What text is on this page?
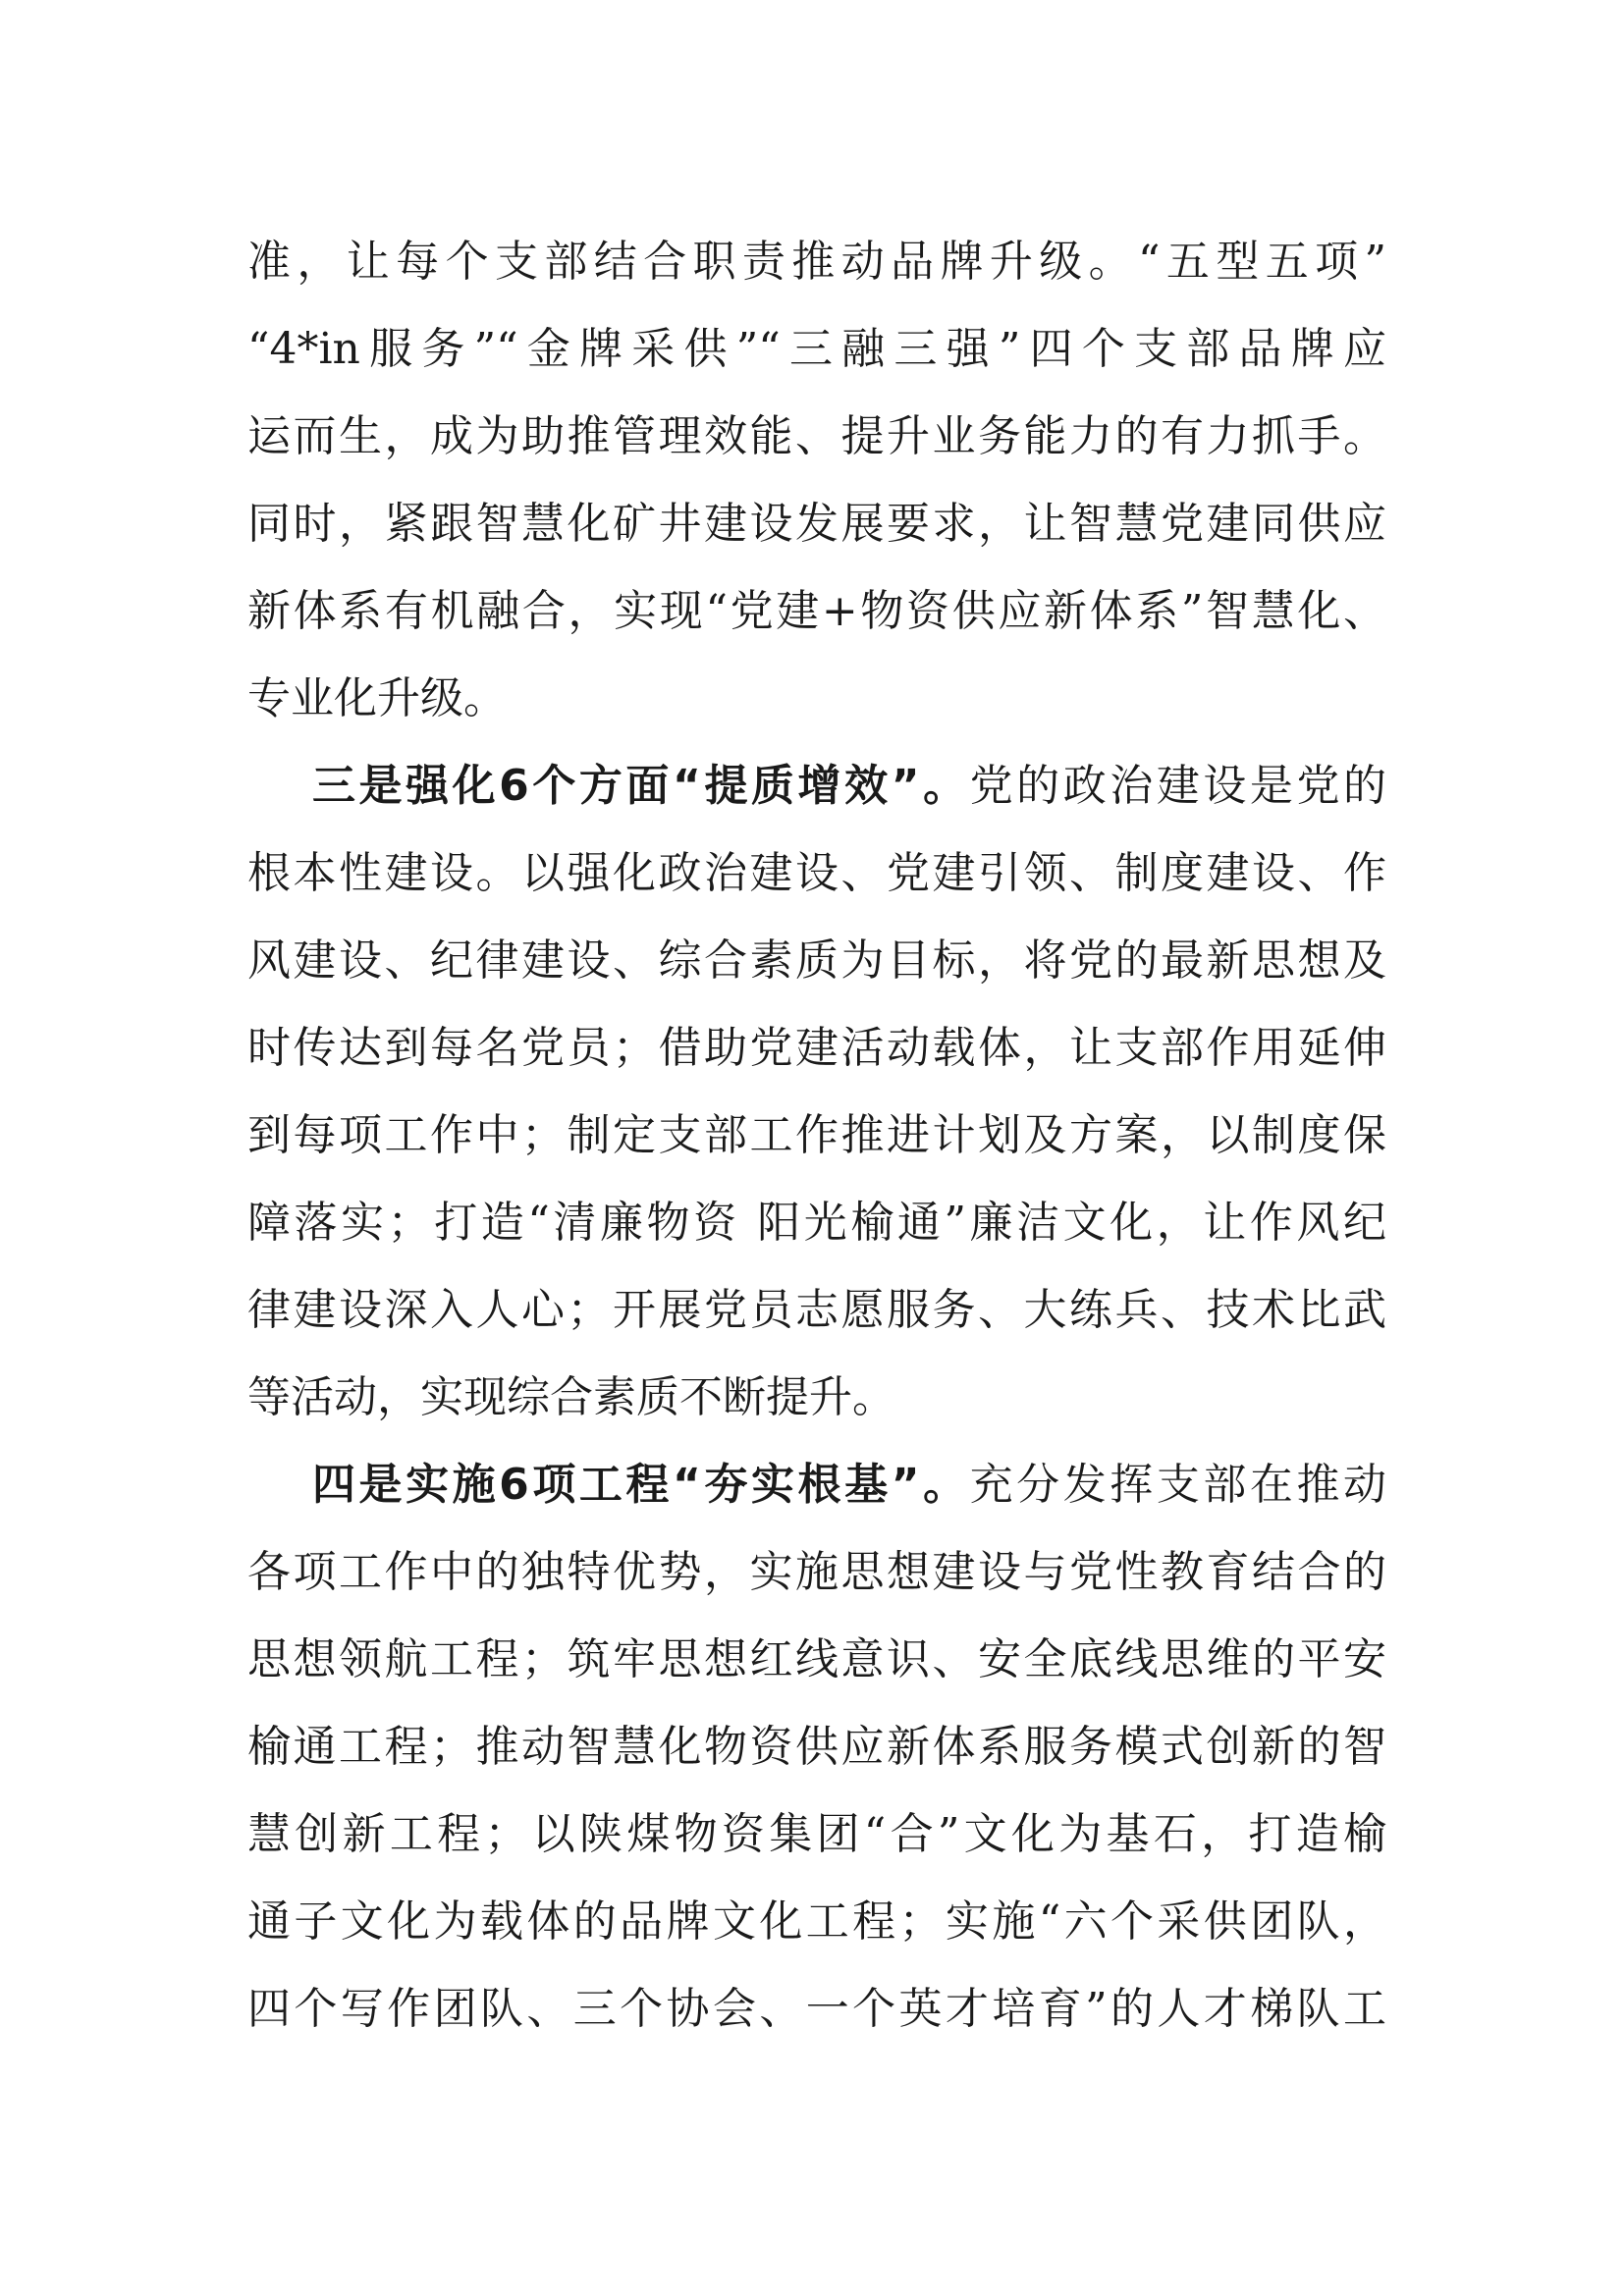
准，让每个支部结合职责推动品牌升级。“五型五项”
“4*in服务”“金牌采供”“三融三强”四个支部品牌应
运而生，成为助推管理效能、提升业务能力的有力抓手。
同时，紧跟智慧化矿井建设发展要求，让智慧党建同供应
新体系有机融合，实现“党建+物资供应新体系”智慧化、
专业化升级。
三是强化6个方面“提质增效”。党的政治建设是党的
根本性建设。以强化政治建设、党建引领、制度建设、作
风建设、纪律建设、综合素质为目标，将党的最新思想及
时传达到每名党员；借助党建活动载体，让支部作用延伸
到每项工作中；制定支部工作推进计划及方案，以制度保
障落实；打造“清廉物资 阳光榆通”廉洁文化，让作风纪
律建设深入人心；开展党员志愿服务、大练兵、技术比武
等活动，实现综合素质不断提升。
四是实施6项工程“夯实根基”。充分发挥支部在推动
各项工作中的独特优势，实施思想建设与党性教育结合的
思想领航工程；筑牢思想红线意识、安全底线思维的平安
榆通工程；推动智慧化物资供应新体系服务模式创新的智
慧创新工程；以陕煤物资集团“合”文化为基石，打造榆
通子文化为载体的品牌文化工程；实施“六个采供团队，
四个写作团队、三个协会、一个英才培育”的人才梯队工
